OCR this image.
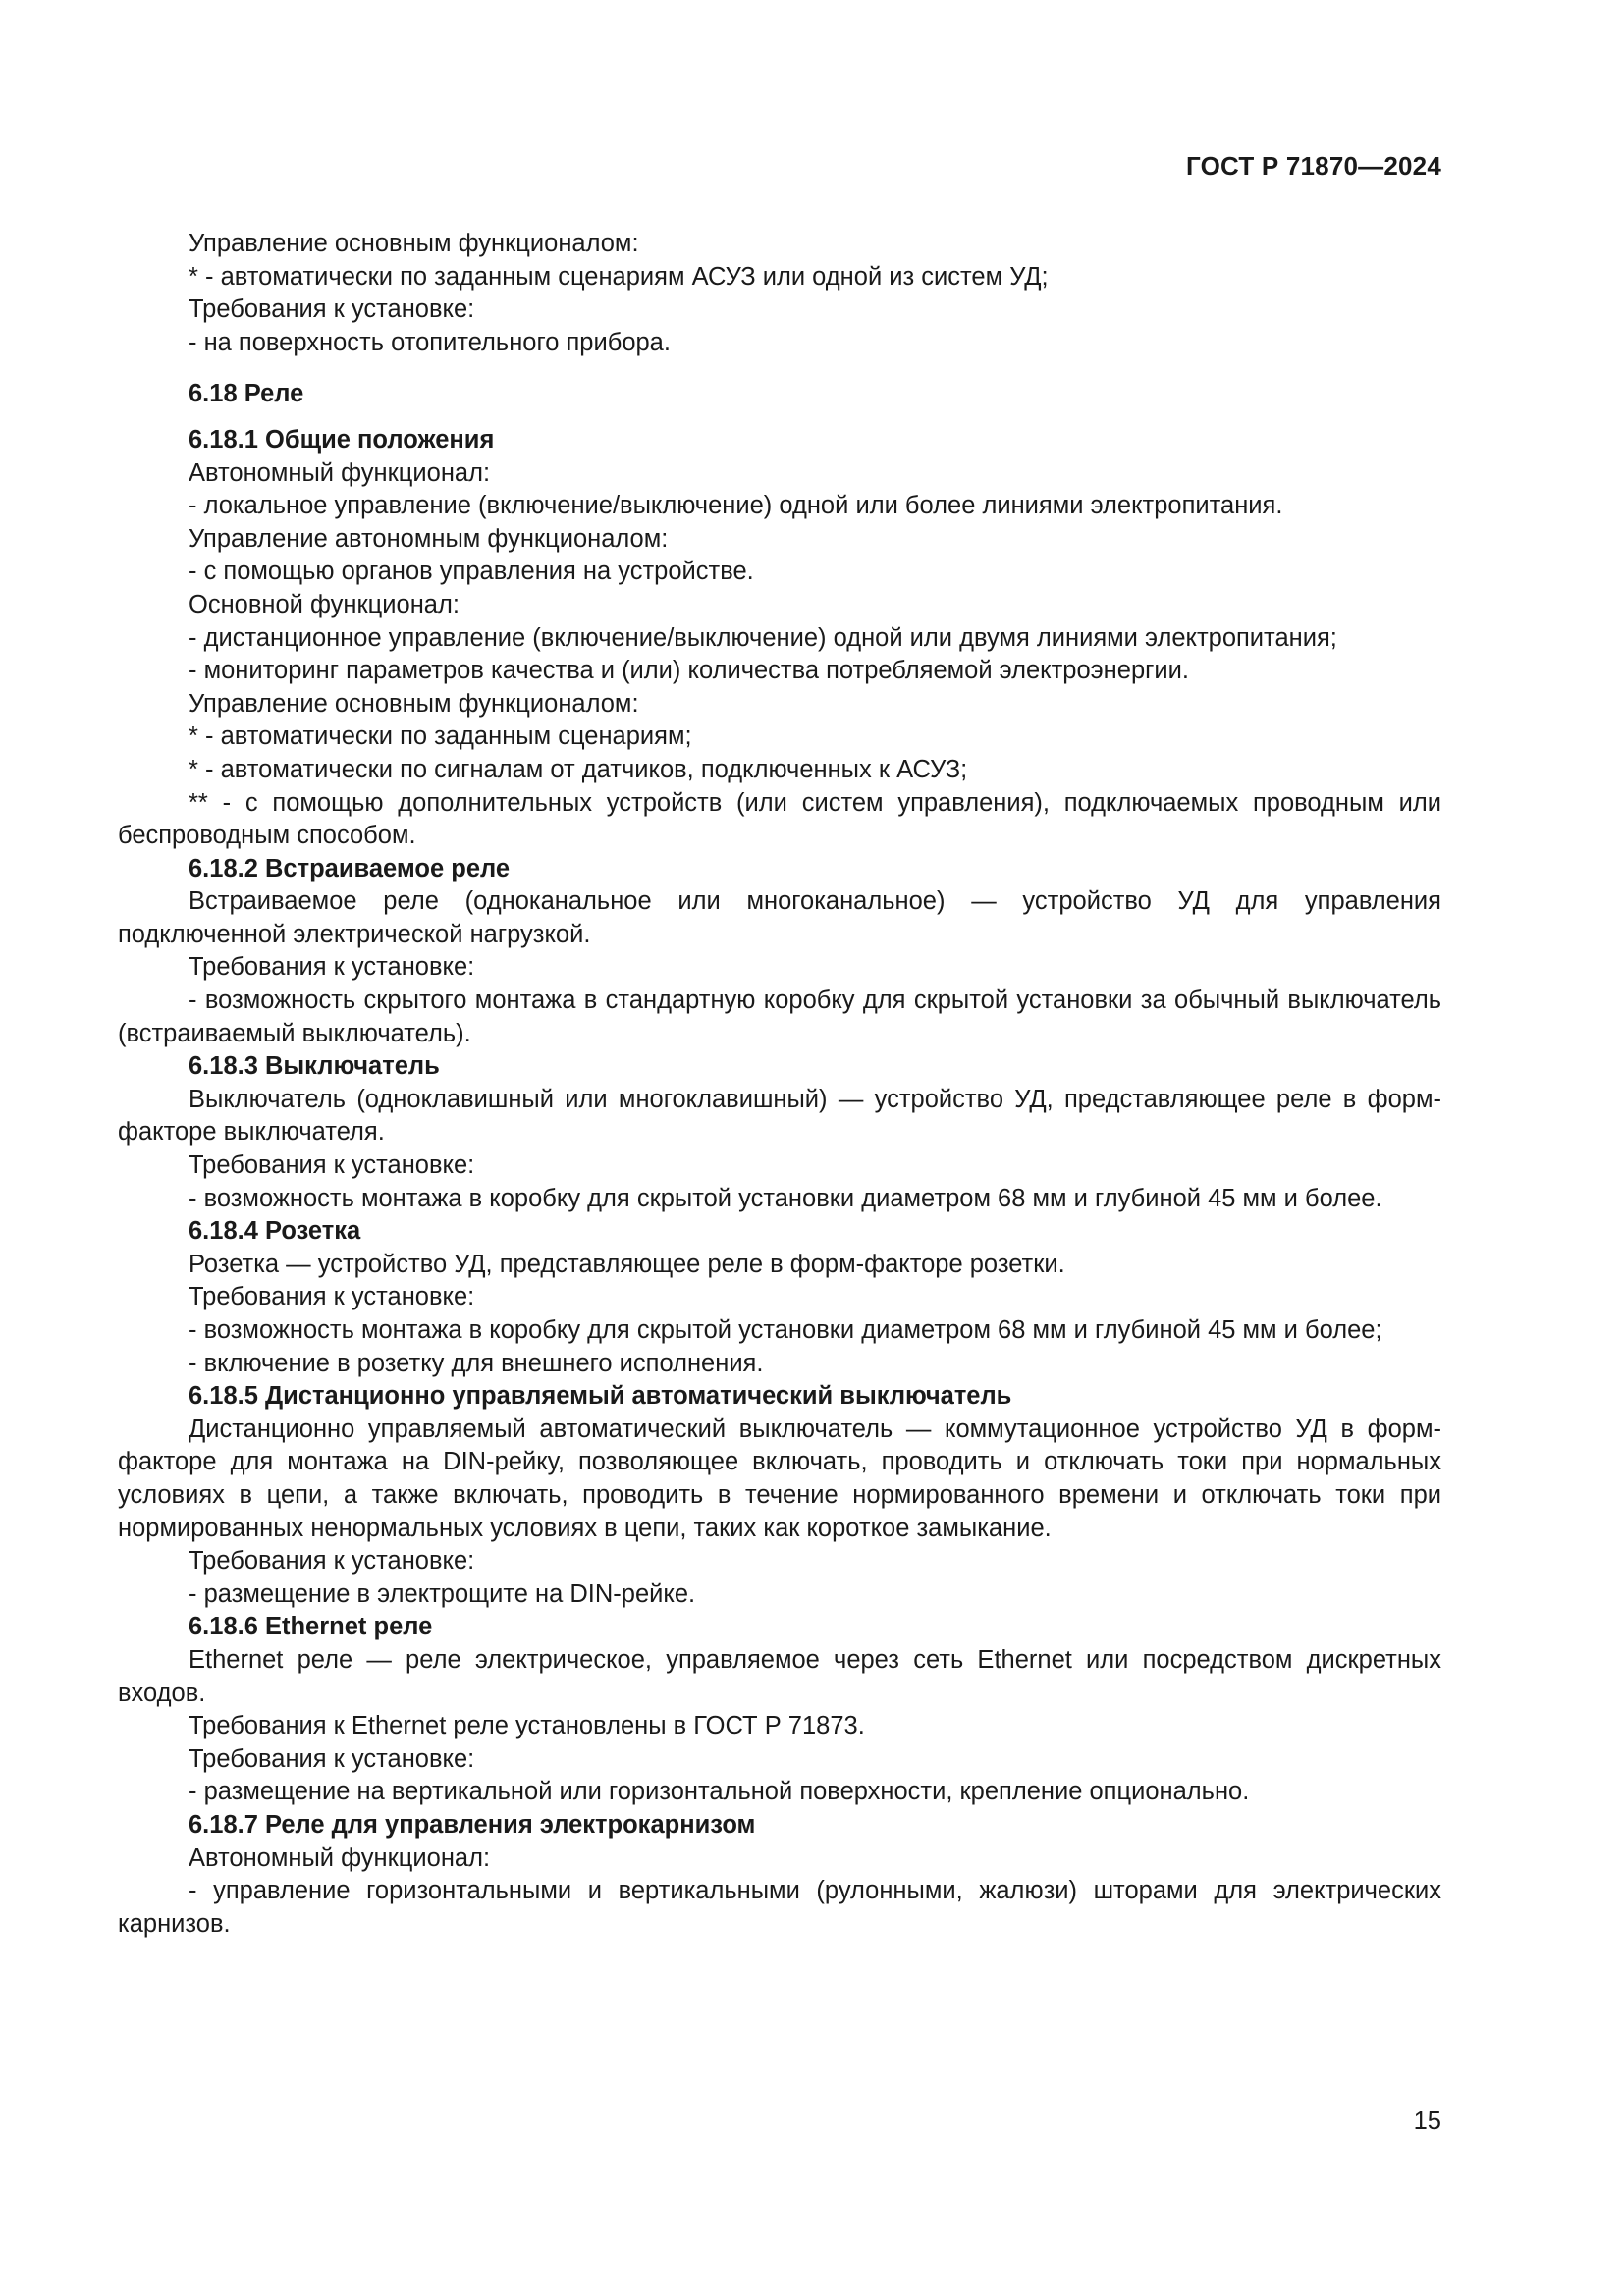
ГОСТ Р 71870—2024

Управление основным функционалом:

* - автоматически по заданным сценариям АСУЗ или одной из систем УД;

Требования к установке:

- на поверхность отопительного прибора.

6.18 Реле

6.18.1 Общие положения

Автономный функционал:

- локальное управление (включение/выключение) одной или более линиями электропитания.

Управление автономным функционалом:

- с помощью органов управления на устройстве.

Основной функционал:

- дистанционное управление (включение/выключение) одной или двумя линиями электропитания;

- мониторинг параметров качества и (или) количества потребляемой электроэнергии.

Управление основным функционалом:

* - автоматически по заданным сценариям;

* - автоматически по сигналам от датчиков, подключенных к АСУЗ;

** - с помощью дополнительных устройств (или систем управления), подключаемых проводным или беспроводным способом.

6.18.2 Встраиваемое реле

Встраиваемое реле (одноканальное или многоканальное) — устройство УД для управления подключенной электрической нагрузкой.

Требования к установке:

- возможность скрытого монтажа в стандартную коробку для скрытой установки за обычный выключатель (встраиваемый выключатель).

6.18.3 Выключатель

Выключатель (одноклавишный или многоклавишный) — устройство УД, представляющее реле в форм-факторе выключателя.

Требования к установке:

- возможность монтажа в коробку для скрытой установки диаметром 68 мм и глубиной 45 мм и более.

6.18.4 Розетка

Розетка — устройство УД, представляющее реле в форм-факторе розетки.

Требования к установке:

- возможность монтажа в коробку для скрытой установки диаметром 68 мм и глубиной 45 мм и более;

- включение в розетку для внешнего исполнения.

6.18.5 Дистанционно управляемый автоматический выключатель

Дистанционно управляемый автоматический выключатель — коммутационное устройство УД в форм-факторе для монтажа на DIN-рейку, позволяющее включать, проводить и отключать токи при нормальных условиях в цепи, а также включать, проводить в течение нормированного времени и отключать токи при нормированных ненормальных условиях в цепи, таких как короткое замыкание.

Требования к установке:

- размещение в электрощите на DIN-рейке.

6.18.6 Ethernet реле

Ethernet реле — реле электрическое, управляемое через сеть Ethernet или посредством дискретных входов.

Требования к Ethernet реле установлены в ГОСТ Р 71873.

Требования к установке:

- размещение на вертикальной или горизонтальной поверхности, крепление опционально.

6.18.7 Реле для управления электрокарнизом

Автономный функционал:

- управление горизонтальными и вертикальными (рулонными, жалюзи) шторами для электрических карнизов.

15
